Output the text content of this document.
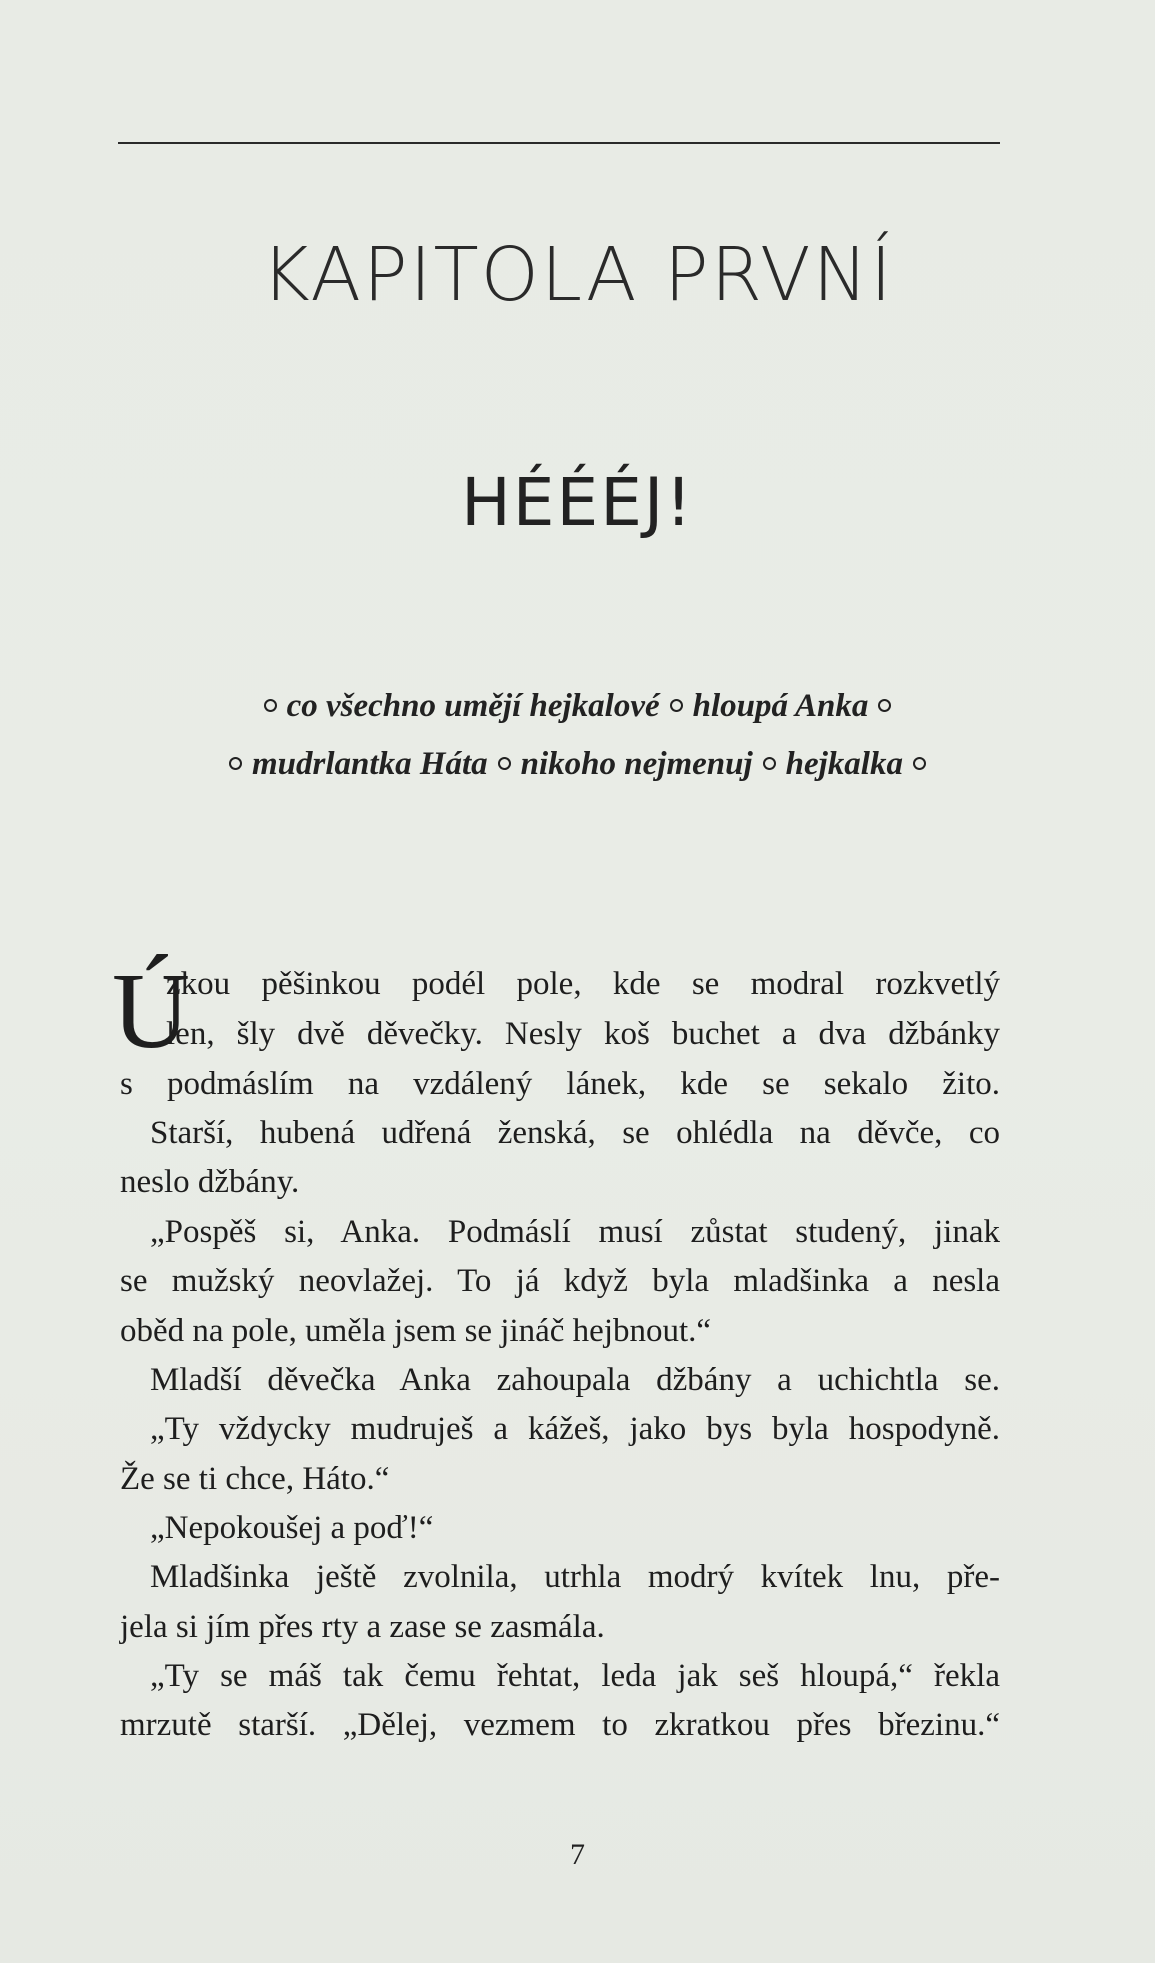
KAPITOLA PRVNÍ
HÉÉÉJ!
co všechno umějí hejkalové hloupá Anka
mudrlantka Háta nikoho nejmenuj hejkalka
Ú
zkou pěšinkou podél pole, kde se modral rozkvetlý
len, šly dvě děvečky. Nesly koš buchet a dva džbánky
s podmáslím na vzdálený lánek, kde se sekalo žito.
Starší, hubená udřená ženská, se ohlédla na děvče, co
neslo džbány.
„Pospěš si, Anka. Podmáslí musí zůstat studený, jinak
se mužský neovlažej. To já když byla mladšinka a nesla
oběd na pole, uměla jsem se jináč hejbnout.“
Mladší děvečka Anka zahoupala džbány a uchichtla se.
„Ty vždycky mudruješ a kážeš, jako bys byla hospodyně.
Že se ti chce, Háto.“
„Nepokoušej a poď!“
Mladšinka ještě zvolnila, utrhla modrý kvítek lnu, pře-
jela si jím přes rty a zase se zasmála.
„Ty se máš tak čemu řehtat, leda jak seš hloupá,“ řekla
mrzutě starší. „Dělej, vezmem to zkratkou přes březinu.“
7
